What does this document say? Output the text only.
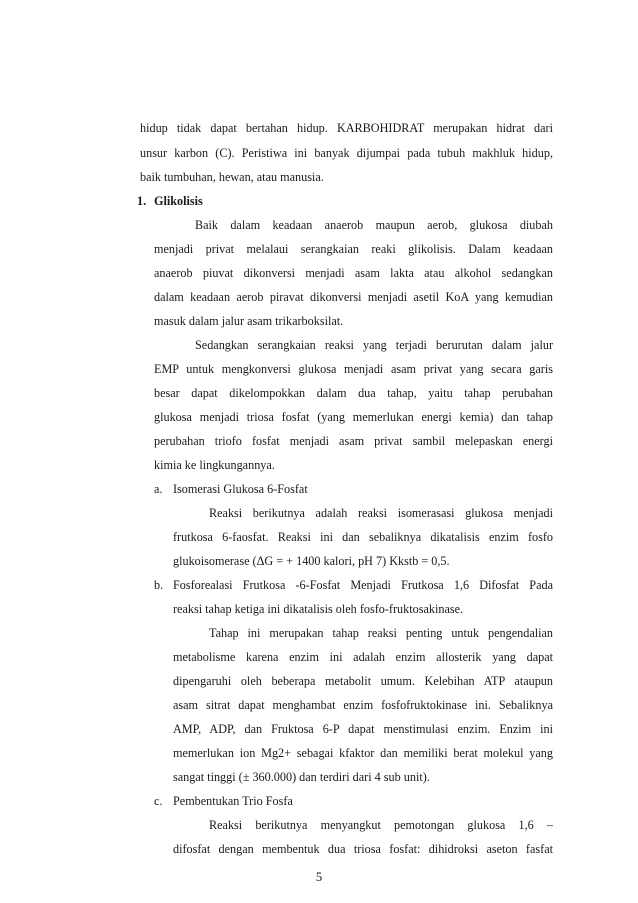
hidup tidak dapat bertahan hidup. KARBOHIDRAT merupakan hidrat dari
unsur karbon (C). Peristiwa ini banyak dijumpai pada tubuh makhluk hidup,
baik tumbuhan, hewan, atau manusia.
1. Glikolisis
Baik dalam keadaan anaerob maupun aerob, glukosa diubah
menjadi privat melalaui serangkaian reaki glikolisis. Dalam keadaan
anaerob piuvat dikonversi menjadi asam lakta atau alkohol sedangkan
dalam keadaan aerob piravat dikonversi menjadi asetil KoA yang kemudian
masuk dalam jalur asam trikarboksilat.
Sedangkan serangkaian reaksi yang terjadi berurutan dalam jalur
EMP untuk mengkonversi glukosa menjadi asam privat yang secara garis
besar dapat dikelompokkan dalam dua tahap, yaitu tahap perubahan
glukosa menjadi triosa fosfat (yang memerlukan energi kemia) dan tahap
perubahan triofo fosfat menjadi asam privat sambil melepaskan energi
kimia ke lingkungannya.
a. Isomerasi Glukosa 6-Fosfat
Reaksi berikutnya adalah reaksi isomerasasi glukosa menjadi
frutkosa 6-faosfat. Reaksi ini dan sebaliknya dikatalisis enzim fosfo
glukoisomerase (ΔG = + 1400 kalori, pH 7) Kkstb = 0,5.
b. Fosforealasi Frutkosa -6-Fosfat Menjadi Frutkosa 1,6 Difosfat Pada
reaksi tahap ketiga ini dikatalisis oleh fosfo-fruktosakinase.
Tahap ini merupakan tahap reaksi penting untuk pengendalian
metabolisme karena enzim ini adalah enzim allosterik yang dapat
dipengaruhi oleh beberapa metabolit umum. Kelebihan ATP ataupun
asam sitrat dapat menghambat enzim fosfofruktokinase ini. Sebaliknya
AMP, ADP, dan Fruktosa 6-P dapat menstimulasi enzim. Enzim ini
memerlukan ion Mg2+ sebagai kfaktor dan memiliki berat molekul yang
sangat tinggi (± 360.000) dan terdiri dari 4 sub unit).
c. Pembentukan Trio Fosfa
Reaksi berikutnya menyangkut pemotongan glukosa 1,6 –
difosfat dengan membentuk dua triosa fosfat: dihidroksi aseton fasfat
5
